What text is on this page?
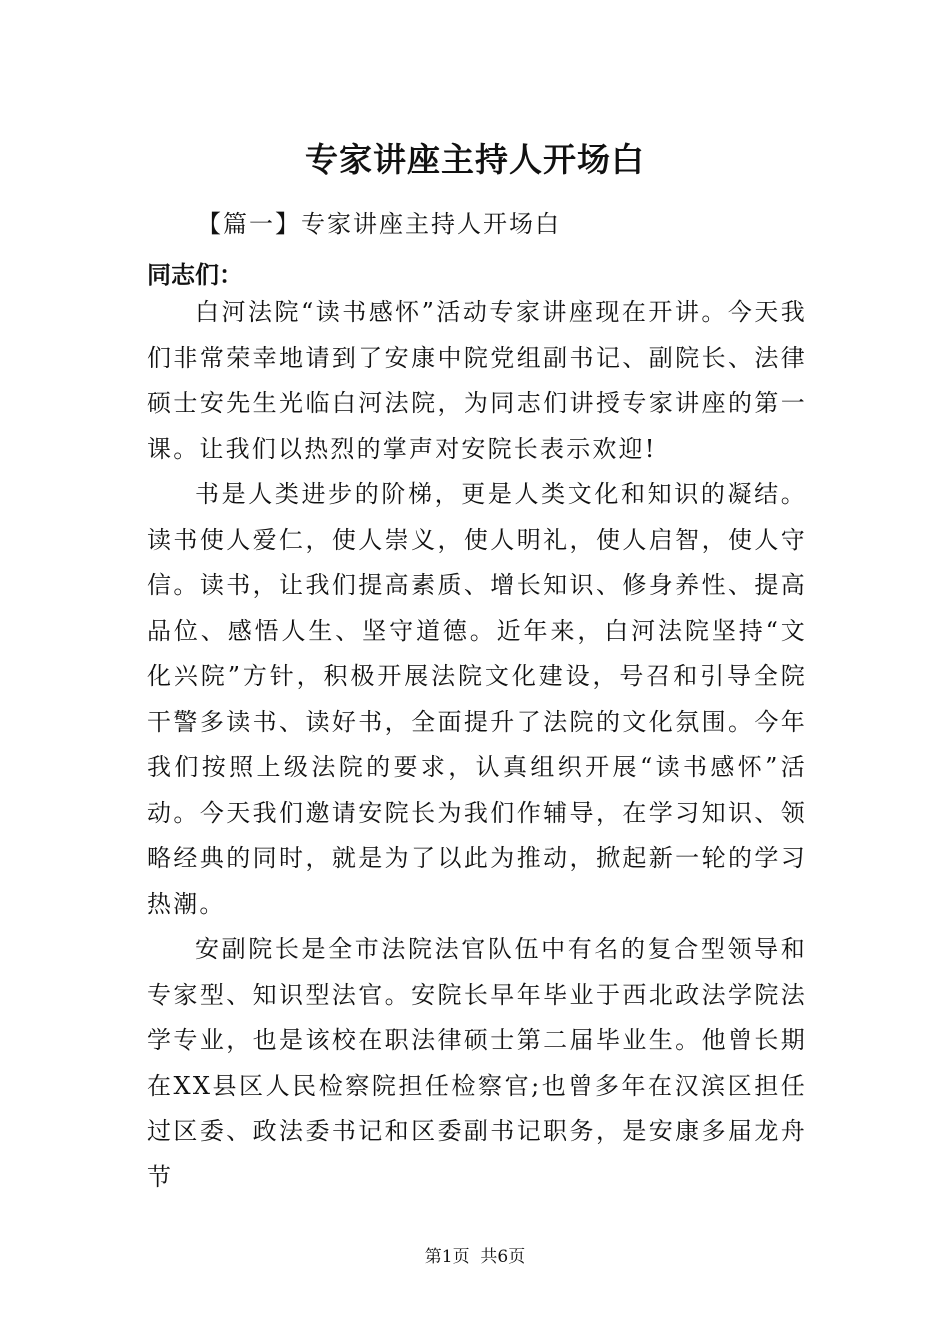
专家讲座主持人开场白
【篇一】专家讲座主持人开场白
同志们：

白河法院“读书感怀”活动专家讲座现在开讲。今天我们非常荣幸地请到了安康中院党组副书记、副院长、法律硕士安先生光临白河法院，为同志们讲授专家讲座的第一课。让我们以热烈的掌声对安院长表示欢迎!

书是人类进步的阶梯，更是人类文化和知识的凝结。读书使人爱仁，使人崇义，使人明礼，使人启智，使人守信。读书，让我们提高素质、增长知识、修身养性、提高品位、感悟人生、坚守道德。近年来，白河法院坚持“文化兴院”方针，积极开展法院文化建设，号召和引导全院干警多读书、读好书，全面提升了法院的文化氛围。今年我们按照上级法院的要求，认真组织开展“读书感怀”活动。今天我们邀请安院长为我们作辅导，在学习知识、领略经典的同时，就是为了以此为推动，掀起新一轮的学习热潮。

安副院长是全市法院法官队伍中有名的复合型领导和专家型、知识型法官。安院长早年毕业于西北政法学院法学专业，也是该校在职法律硕士第二届毕业生。他曾长期在XX县区人民检察院担任检察官;也曾多年在汉滨区担任过区委、政法委书记和区委副书记职务，是安康多届龙舟节

第1页  共6页
